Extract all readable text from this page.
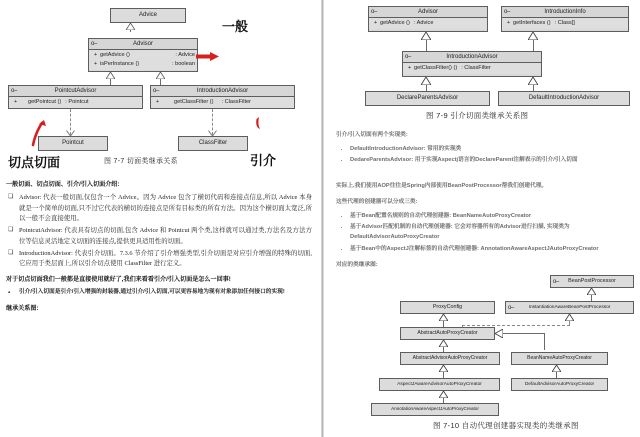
Advice
o–	Advisor
+ getAdvice ()	: Advice
+ isPerInstance ()	: boolean
o–	PointcutAdvisor
+	getPointcut () : Pointcut
o–	IntroductionAdvisor
+	getClassFilter ()	: ClassFilter
Pointcut	ClassFilter
一般
切点切面	引介
图 7-7 切面类继承关系
一般切面、切点切面、引介/引入切面介绍:
❏ Advisor: 代表一般切面,仅包含一个 Advice。因为 Advice 包含了横切代码和连接点信息,所以 Advice 本身就是一个简单的切面,只不过它代表的横切的连接点是所有目标类的所有方法。因为这个横切面太宽泛,所以一般不会直接使用。
❏ PointcutAdvisor: 代表具有切点的切面,包含 Advice 和 Pointcut 两个类,这样就可以通过类,方法名及方法方位等信息灵活地定义切面的连接点,提供更具适用性的切面。
❏ IntroductionAdvisor: 代表引介切面。7.3.6 节介绍了引介增强类型,引介切面是对应引介增强的特殊的切面,它应用于类层面上,所以引介切点使用 ClassFilter 进行定义。
对于切点切面我们一般都是直接使用就好了,我们来看看引介/引入切面是怎么一回事!
▪	引介/引入切面是引介/引入增强的封装器,通过引介/引入切面,可以更容易地为现有对象添加任何接口的实现!
继承关系图:
o–	Advisor
+ getAdvice () : Advice
o–	IntroductionInfo
+ getInterfaces () : Class[]
o–	IntroductionAdvisor
+ getClassFilter() () : ClassFilter
DeclareParentsAdvisor	DefaultIntroductionAdvisor
图 7-9 引介切面类继承关系图
引介/引入切面有两个实现类:
• DefaultIntroductionAdvisor: 常用的实现类
• DedareParentsAdvisor: 用于实现Aspectj语言的DeclareParent注解表示的引介/引入切面
实际上,我们使用AOP往往是Spring内部使用BeanPostProcessor帮我们创建代理。
这些代理的创建器可以分成三类:
• 基于Bean配置名规则的自动代理创建器: BeanNameAutoProxyCreator
• 基于Advisor匹配机制的自动代理创建器: 它会对容器所有的Advisor进行扫描, 实现类为 DefaultAdvisorAutoProxyCreator
• 基于Bean中的AspectJ注解标签的自动代理创建器: AnnotationAwareAspectJAutoProxyCreator
对应的类继承图:
o– BeanPostProcessor
ProxyConfig	o–	InstantiationAwareBeanPostProcessor
AbstractAutoProxyCreator
AbstractAdvisorAutoProxyCreator	BeanNameAutoProxyCreator
AspectJAwareAdvisorAutoProxyCreator	DefaultAdvisorAutoProxyCreator
AnnotationAwareAspectJAutoProxyCreator
图 7-10 自动代理创建器实现类的类继承图
